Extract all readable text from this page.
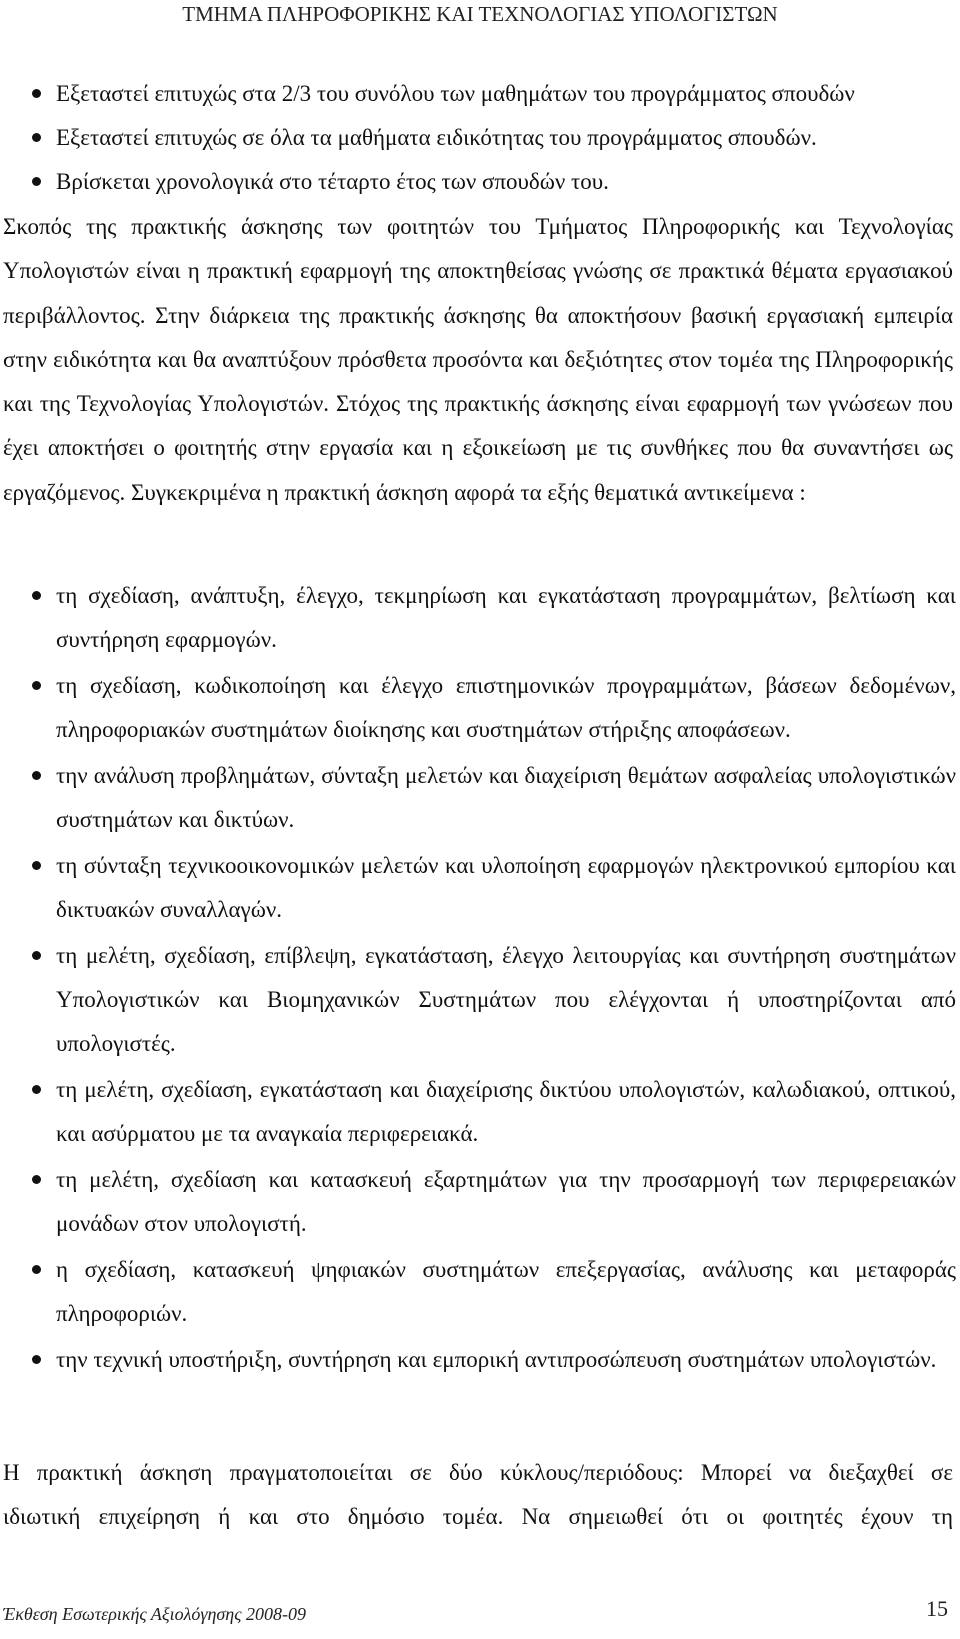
ΤΜΗΜΑ ΠΛΗΡΟΦΟΡΙΚΗΣ ΚΑΙ ΤΕΧΝΟΛΟΓΙΑΣ ΥΠΟΛΟΓΙΣΤΩΝ
Εξεταστεί επιτυχώς στα 2/3 του συνόλου των μαθημάτων του προγράμματος σπουδών
Εξεταστεί επιτυχώς σε όλα τα μαθήματα ειδικότητας του προγράμματος σπουδών.
Βρίσκεται χρονολογικά στο τέταρτο έτος των σπουδών του.

Σκοπός της πρακτικής άσκησης των φοιτητών του Τμήματος Πληροφορικής και Τεχνολογίας Υπολογιστών είναι η πρακτική εφαρμογή της αποκτηθείσας γνώσης σε πρακτικά θέματα εργασιακού περιβάλλοντος. Στην διάρκεια της πρακτικής άσκησης θα αποκτήσουν βασική εργασιακή εμπειρία στην ειδικότητα και θα αναπτύξουν πρόσθετα προσόντα και δεξιότητες στον τομέα της Πληροφορικής και της Τεχνολογίας Υπολογιστών. Στόχος της πρακτικής άσκησης είναι εφαρμογή των γνώσεων που έχει αποκτήσει ο φοιτητής στην εργασία και η εξοικείωση με τις συνθήκες που θα συναντήσει ως εργαζόμενος. Συγκεκριμένα η πρακτική άσκηση αφορά τα εξής θεματικά αντικείμενα :

τη σχεδίαση, ανάπτυξη, έλεγχο, τεκμηρίωση και εγκατάσταση προγραμμάτων, βελτίωση και συντήρηση εφαρμογών.
τη σχεδίαση, κωδικοποίηση και έλεγχο επιστημονικών προγραμμάτων, βάσεων δεδομένων, πληροφοριακών συστημάτων διοίκησης και συστημάτων στήριξης αποφάσεων.
την ανάλυση προβλημάτων, σύνταξη μελετών και διαχείριση θεμάτων ασφαλείας υπολογιστικών συστημάτων και δικτύων.
τη σύνταξη τεχνικοοικονομικών μελετών και υλοποίηση εφαρμογών ηλεκτρονικού εμπορίου και δικτυακών συναλλαγών.
τη μελέτη, σχεδίαση, επίβλεψη, εγκατάσταση, έλεγχο λειτουργίας και συντήρηση συστημάτων Υπολογιστικών και Βιομηχανικών Συστημάτων που ελέγχονται ή υποστηρίζονται από υπολογιστές.
τη μελέτη, σχεδίαση, εγκατάσταση και διαχείρισης δικτύου υπολογιστών, καλωδιακού, οπτικού, και ασύρματου με τα αναγκαία περιφερειακά.
τη μελέτη, σχεδίαση και κατασκευή εξαρτημάτων για την προσαρμογή των περιφερειακών μονάδων στον υπολογιστή.
η σχεδίαση, κατασκευή ψηφιακών συστημάτων επεξεργασίας, ανάλυσης και μεταφοράς πληροφοριών.
την τεχνική υποστήριξη, συντήρηση και εμπορική αντιπροσώπευση συστημάτων υπολογιστών.
Η πρακτική άσκηση πραγματοποιείται σε δύο κύκλους/περιόδους: Μπορεί να διεξαχθεί σε
ιδιωτική επιχείρηση ή και στο δημόσιο τομέα. Να σημειωθεί ότι οι φοιτητές έχουν τη
Έκθεση Εσωτερικής Αξιολόγησης 2008-09	15
